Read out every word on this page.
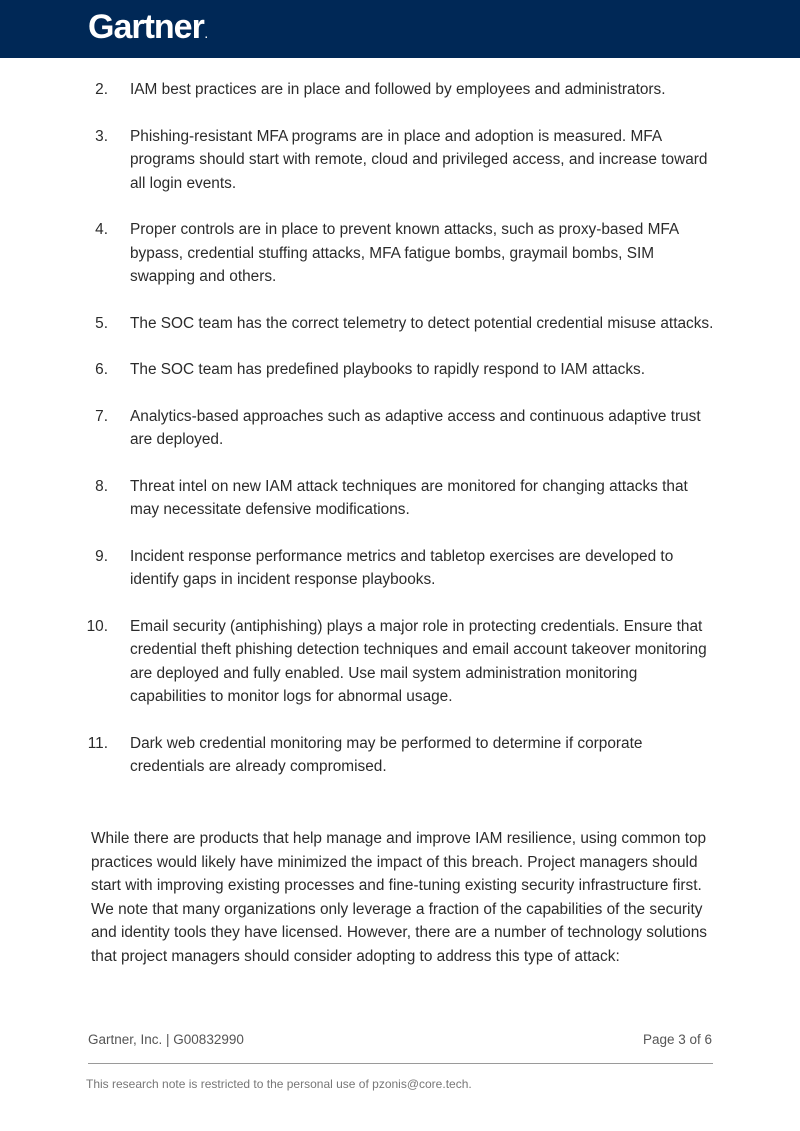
Gartner.
2. IAM best practices are in place and followed by employees and administrators.
3. Phishing-resistant MFA programs are in place and adoption is measured. MFA programs should start with remote, cloud and privileged access, and increase toward all login events.
4. Proper controls are in place to prevent known attacks, such as proxy-based MFA bypass, credential stuffing attacks, MFA fatigue bombs, graymail bombs, SIM swapping and others.
5. The SOC team has the correct telemetry to detect potential credential misuse attacks.
6. The SOC team has predefined playbooks to rapidly respond to IAM attacks.
7. Analytics-based approaches such as adaptive access and continuous adaptive trust are deployed.
8. Threat intel on new IAM attack techniques are monitored for changing attacks that may necessitate defensive modifications.
9. Incident response performance metrics and tabletop exercises are developed to identify gaps in incident response playbooks.
10. Email security (antiphishing) plays a major role in protecting credentials. Ensure that credential theft phishing detection techniques and email account takeover monitoring are deployed and fully enabled. Use mail system administration monitoring capabilities to monitor logs for abnormal usage.
11. Dark web credential monitoring may be performed to determine if corporate credentials are already compromised.

While there are products that help manage and improve IAM resilience, using common top practices would likely have minimized the impact of this breach. Project managers should start with improving existing processes and fine-tuning existing security infrastructure first. We note that many organizations only leverage a fraction of the capabilities of the security and identity tools they have licensed. However, there are a number of technology solutions that project managers should consider adopting to address this type of attack:

Gartner, Inc. | G00832990	Page 3 of 6
This research note is restricted to the personal use of pzonis@core.tech.
